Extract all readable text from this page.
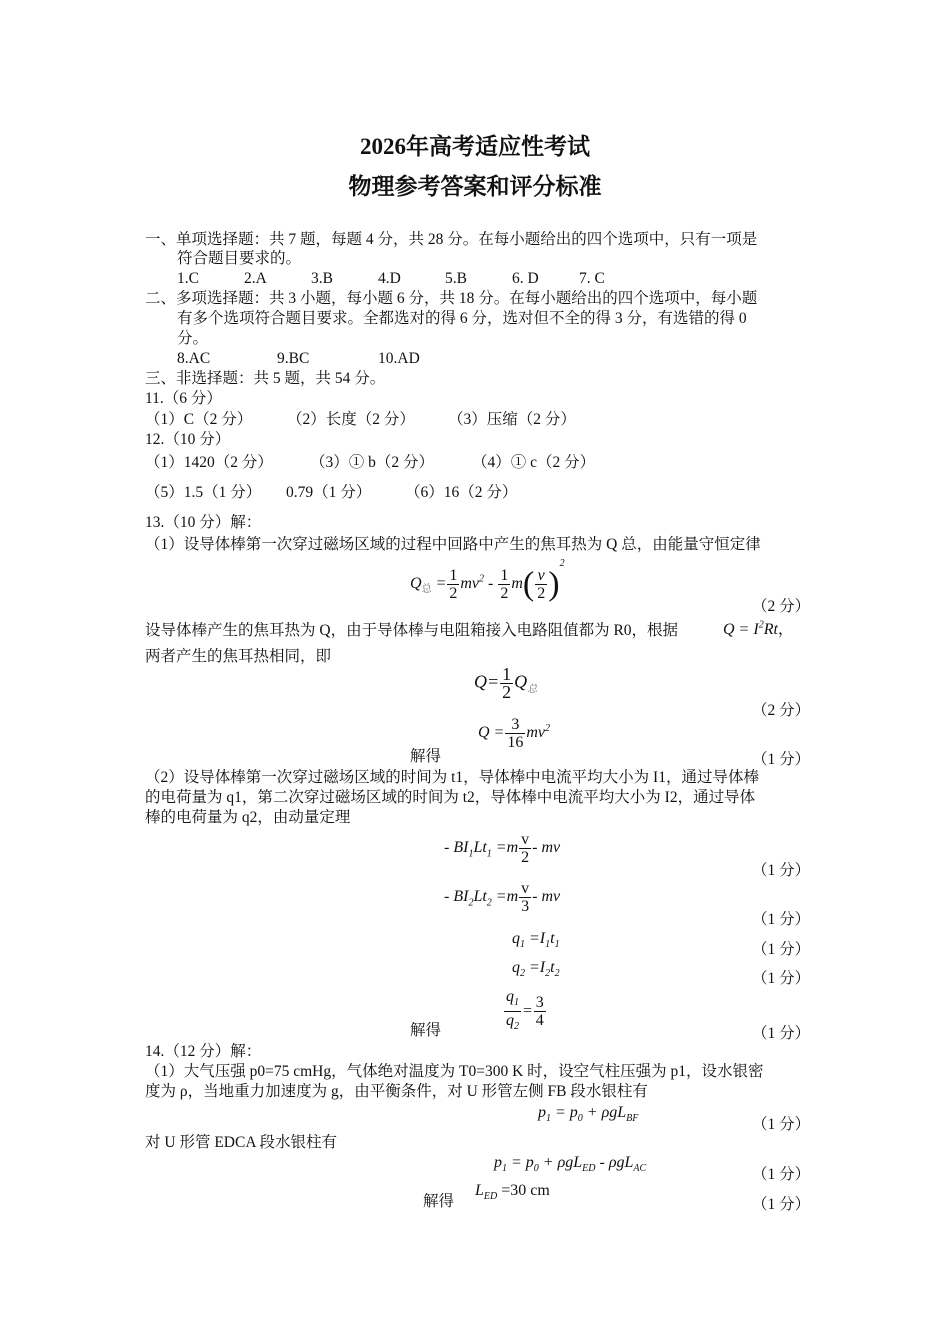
2026年高考适应性考试
物理参考答案和评分标准
一、单项选择题：共 7 题，每题 4 分，共 28 分。在每小题给出的四个选项中，只有一项是
符合题目要求的。
1.C	2.A	3.B	4.D	5.B	6. D	7. C
二、多项选择题：共 3 小题，每小题 6 分，共 18 分。在每小题给出的四个选项中，每小题
有多个选项符合题目要求。全都选对的得 6 分，选对但不全的得 3 分，有选错的得 0
分。
8.AC	9.BC	10.AD
三、非选择题：共 5 题，共 54 分。
11.（6 分）
（1）C（2 分） （2）长度（2 分） （3）压缩（2 分）
12.（10 分）
（1）1420（2 分） （3）① b（2 分） （4）① c（2 分）
（5）1.5（1 分） 0.79（1 分） （6）16（2 分）
13.（10 分）解：
（1）设导体棒第一次穿过磁场区域的过程中回路中产生的焦耳热为 Q 总，由能量守恒定律
$Q_总 = \frac{1}{2} mv^2 - \frac{1}{2} m( \frac{v}{2} )^2$
（2 分）
设导体棒产生的焦耳热为 Q，由于导体棒与电阻箱接入电路阻值都为 R0，根据	$Q = I^2Rt$，
两者产生的焦耳热相同，即
$Q= \frac{1}{2} Q_总$
（2 分）
$Q = \frac{3}{16} mv^2$
解得	（1 分）
（2）设导体棒第一次穿过磁场区域的时间为 t1，导体棒中电流平均大小为 I1，通过导体棒
的电荷量为 q1，第二次穿过磁场区域的时间为 t2，导体棒中电流平均大小为 I2，通过导体
棒的电荷量为 q2，由动量定理
- $BI_1Lt_1 =m \frac{v}{2}$ - mv
（1 分）
- $BI_2Lt_2 =m \frac{v}{3}$ - mv
（1 分）
$q_1 =I_1t_1$	（1 分）
$q_2 =I_2t_2$	（1 分）
$\frac{q_1}{q_2} = \frac{3}{4}$
解得	（1 分）
14.（12 分）解：
（1）大气压强 p0=75 cmHg，气体绝对温度为 T0=300 K 时，设空气柱压强为 p1，设水银密
度为 ρ，当地重力加速度为 g，由平衡条件，对 U 形管左侧 FB 段水银柱有
$p_1 = p_0 + \rho gL_{BF}$	（1 分）
对 U 形管 EDCA 段水银柱有
$p_1 = p_0 + \rho gL_{ED} - \rho gL_{AC}$	（1 分）
解得
$L_{ED} =30$ cm
（1 分）
